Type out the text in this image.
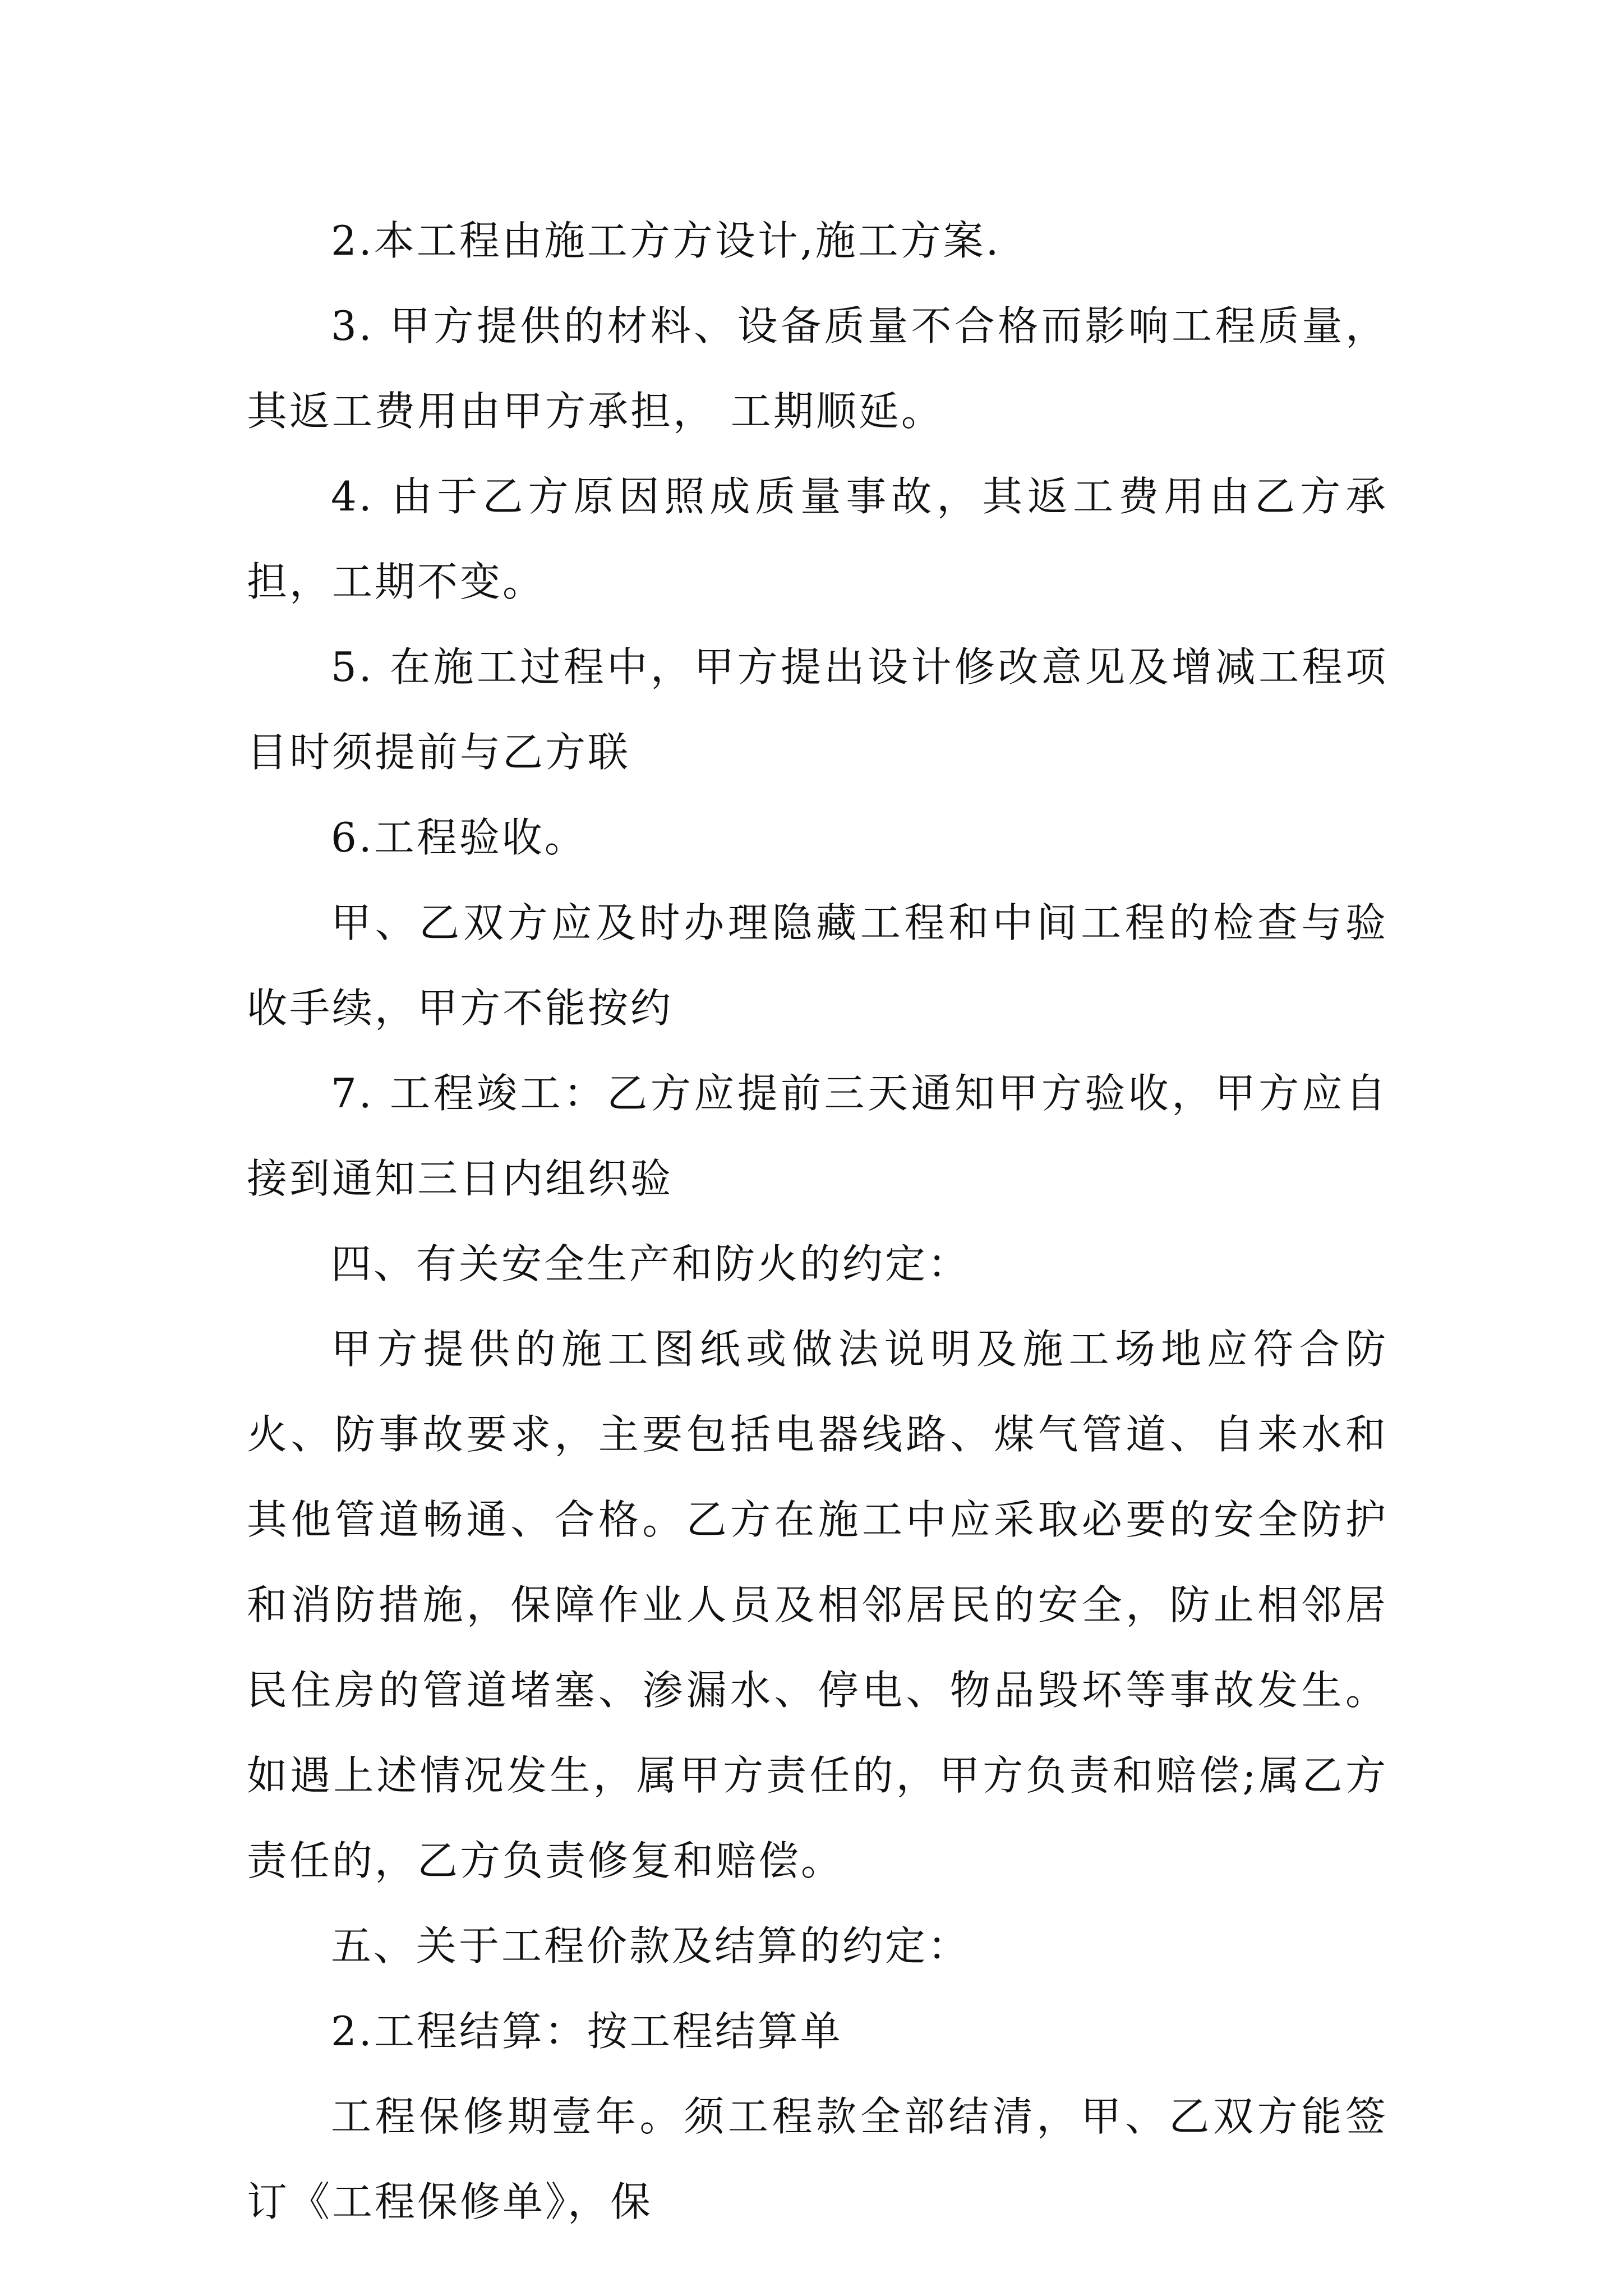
2.本工程由施工方方设计,施工方案.

3. 甲方提供的材料、设备质量不合格而影响工程质量，其返工费用由甲方承担， 工期顺延。

4. 由于乙方原因照成质量事故，其返工费用由乙方承担，工期不变。

5. 在施工过程中，甲方提出设计修改意见及增减工程项目时须提前与乙方联

6.工程验收。

甲、乙双方应及时办理隐藏工程和中间工程的检查与验收手续，甲方不能按约

7. 工程竣工：乙方应提前三天通知甲方验收，甲方应自接到通知三日内组织验

四、有关安全生产和防火的约定：

甲方提供的施工图纸或做法说明及施工场地应符合防火、防事故要求，主要包括电器线路、煤气管道、自来水和其他管道畅通、合格。乙方在施工中应采取必要的安全防护和消防措施，保障作业人员及相邻居民的安全，防止相邻居民住房的管道堵塞、渗漏水、停电、物品毁坏等事故发生。如遇上述情况发生，属甲方责任的，甲方负责和赔偿;属乙方责任的，乙方负责修复和赔偿。

五、关于工程价款及结算的约定：

2.工程结算：按工程结算单

工程保修期壹年。须工程款全部结清，甲、乙双方能签订《工程保修单》，保
